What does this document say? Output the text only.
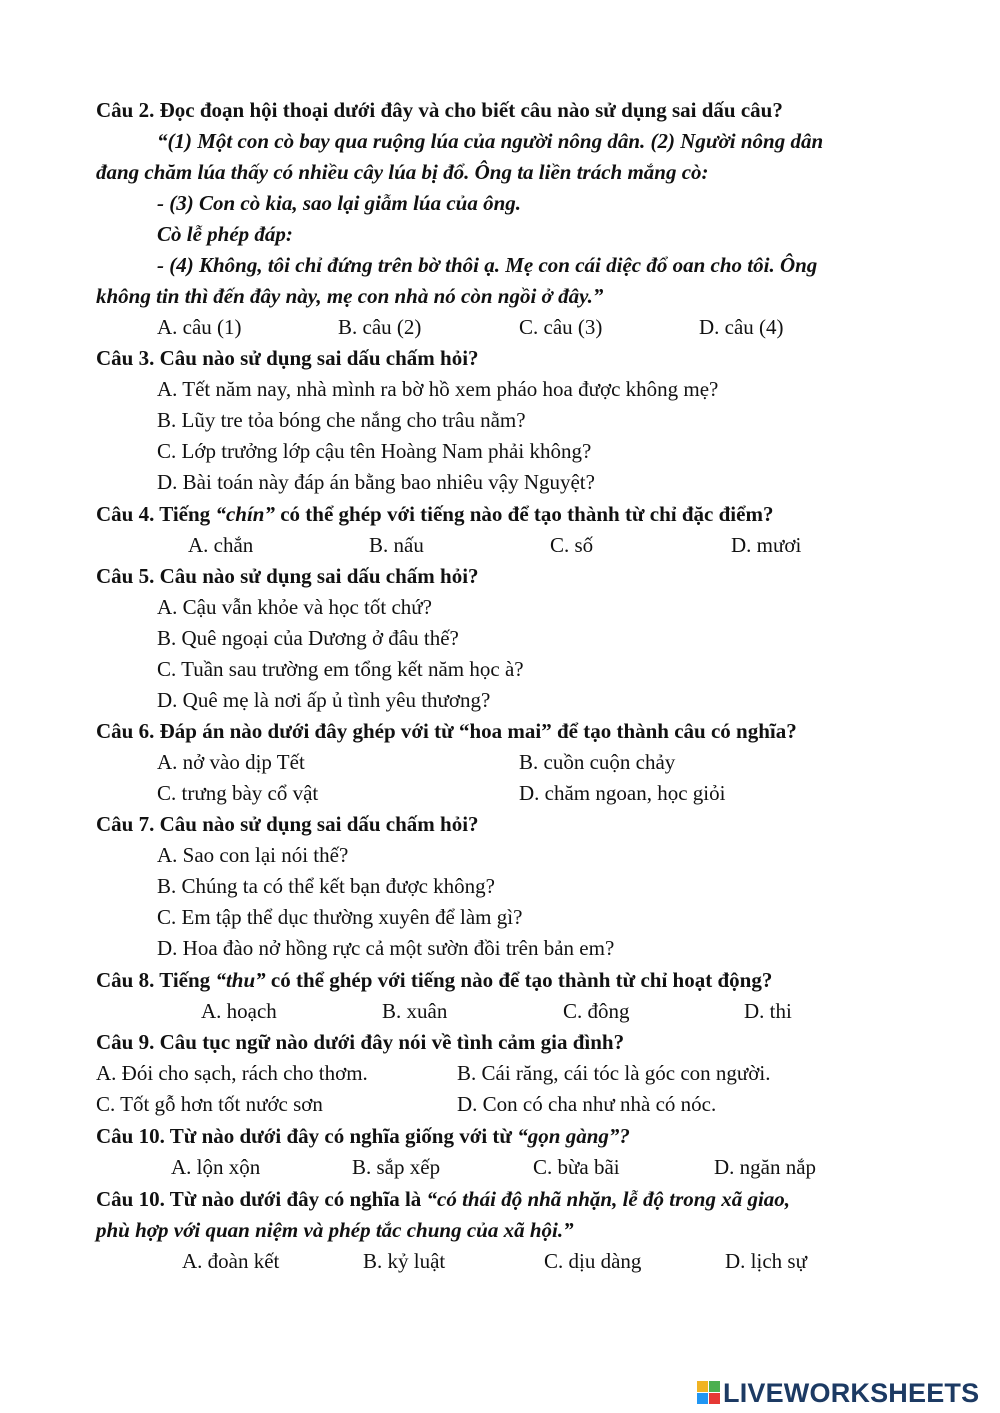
Câu 2. Đọc đoạn hội thoại dưới đây và cho biết câu nào sử dụng sai dấu câu?
“(1) Một con cò bay qua ruộng lúa của người nông dân. (2) Người nông dân
đang chăm lúa thấy có nhiều cây lúa bị đổ. Ông ta liền trách mắng cò:
- (3) Con cò kia, sao lại giẫm lúa của ông.
Cò lễ phép đáp:
- (4) Không, tôi chỉ đứng trên bờ thôi ạ. Mẹ con cái diệc đổ oan cho tôi. Ông
không tin thì đến đây này, mẹ con nhà nó còn ngồi ở đây.”
A. câu (1)	B. câu (2)	C. câu (3)	D. câu (4)
Câu 3. Câu nào sử dụng sai dấu chấm hỏi?
A. Tết năm nay, nhà mình ra bờ hồ xem pháo hoa được không mẹ?
B. Lũy tre tỏa bóng che nắng cho trâu nằm?
C. Lớp trưởng lớp cậu tên Hoàng Nam phải không?
D. Bài toán này đáp án bằng bao nhiêu vậy Nguyệt?
Câu 4. Tiếng “chín” có thể ghép với tiếng nào để tạo thành từ chỉ đặc điểm?
A. chắn	B. nấu	C. số	D. mươi
Câu 5. Câu nào sử dụng sai dấu chấm hỏi?
A. Cậu vẫn khỏe và học tốt chứ?
B. Quê ngoại của Dương ở đâu thế?
C. Tuần sau trường em tổng kết năm học à?
D. Quê mẹ là nơi ấp ủ tình yêu thương?
Câu 6. Đáp án nào dưới đây ghép với từ “hoa mai” để tạo thành câu có nghĩa?
A. nở vào dịp Tết	B. cuồn cuộn chảy
C. trưng bày cổ vật	D. chăm ngoan, học giỏi
Câu 7. Câu nào sử dụng sai dấu chấm hỏi?
A. Sao con lại nói thế?
B. Chúng ta có thể kết bạn được không?
C. Em tập thể dục thường xuyên để làm gì?
D. Hoa đào nở hồng rực cả một sườn đồi trên bản em?
Câu 8. Tiếng “thu” có thể ghép với tiếng nào để tạo thành từ chỉ hoạt động?
A. hoạch	B. xuân	C. đông	D. thi
Câu 9. Câu tục ngữ nào dưới đây nói về tình cảm gia đình?
A. Đói cho sạch, rách cho thơm.	B. Cái răng, cái tóc là góc con người.
C. Tốt gỗ hơn tốt nước sơn	D. Con có cha như nhà có nóc.
Câu 10. Từ nào dưới đây có nghĩa giống với từ “gọn gàng”?
A. lộn xộn	B. sắp xếp	C. bừa bãi	D. ngăn nắp
Câu 10. Từ nào dưới đây có nghĩa là “có thái độ nhã nhặn, lễ độ trong xã giao,
phù hợp với quan niệm và phép tắc chung của xã hội.”
A. đoàn kết	B. kỷ luật	C. dịu dàng	D. lịch sự
LIVEWORKSHEETS
